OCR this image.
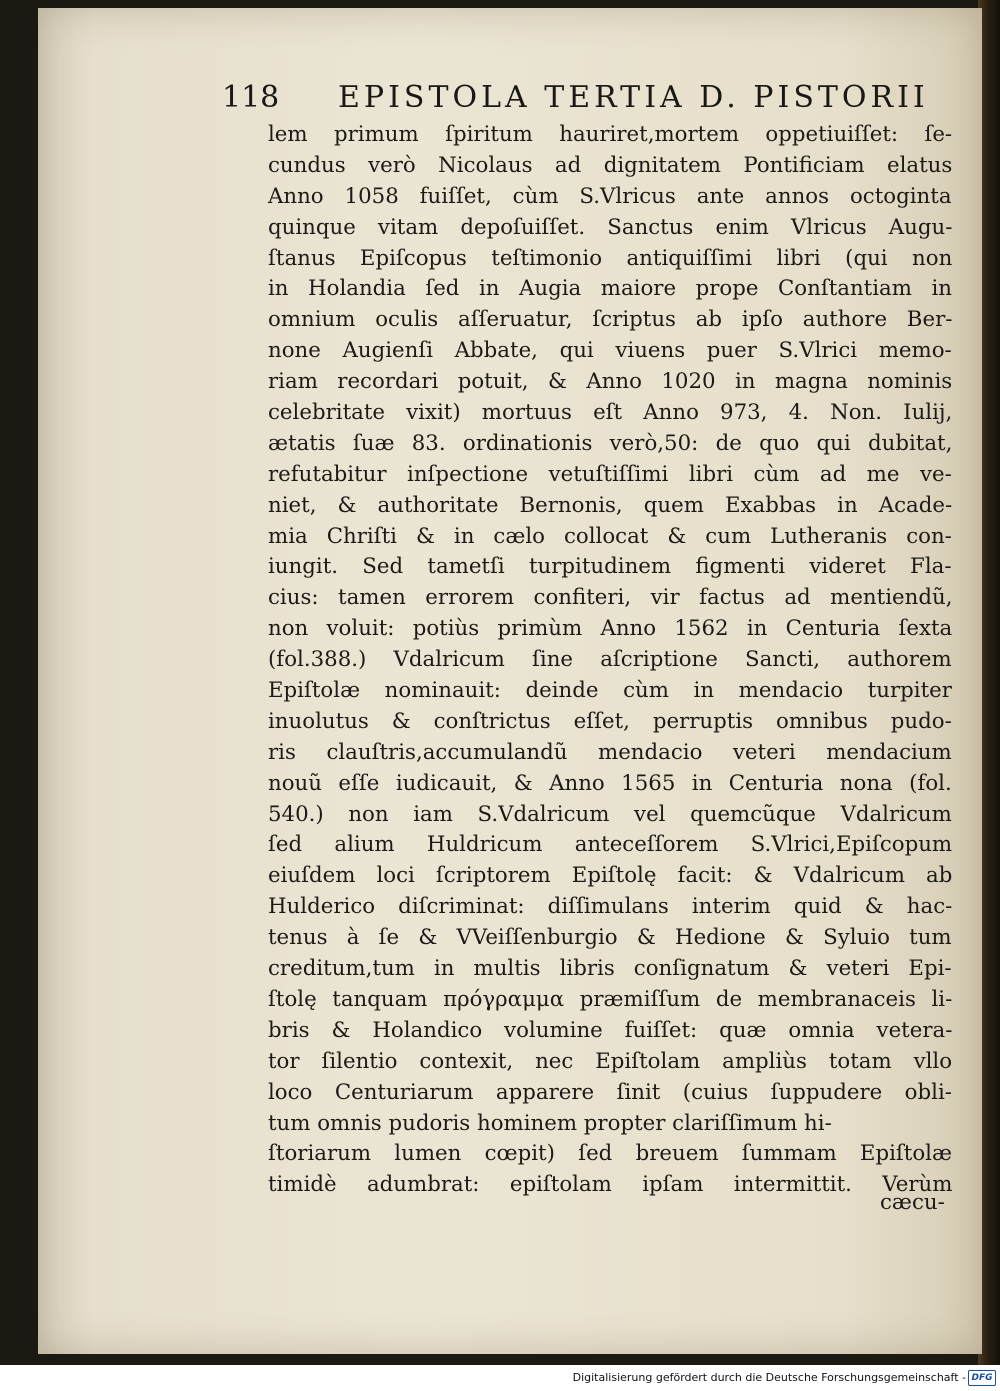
118 EPISTOLA TERTIA D. PISTORII
lem primum ſpiritum hauriret,mortem oppetiuiſſet: ſe-
cundus verò Nicolaus ad dignitatem Pontificiam elatus
Anno 1058 fuiſſet, cùm S.Vlricus ante annos octoginta
quinque vitam depoſuiſſet. Sanctus enim Vlricus Augu-
ſtanus Epiſcopus teſtimonio antiquiſſimi libri (qui non
in Holandia ſed in Augia maiore prope Conſtantiam in
omnium oculis aſſeruatur, ſcriptus ab ipſo authore Ber-
none Augienſi Abbate, qui viuens puer S.Vlrici memo-
riam recordari potuit, & Anno 1020 in magna nominis
celebritate vixit) mortuus eſt Anno 973, 4. Non. Iulij,
ætatis ſuæ 83. ordinationis verò,50: de quo qui dubitat,
refutabitur inſpectione vetuſtiſſimi libri cùm ad me ve-
niet, & authoritate Bernonis, quem Exabbas in Acade-
mia Chriſti & in cælo collocat & cum Lutheranis con-
iungit. Sed tametſi turpitudinem figmenti videret Fla-
cius: tamen errorem confiteri, vir factus ad mentiendũ,
non voluit: potiùs primùm Anno 1562 in Centuria ſexta
(fol.388.) Vdalricum ſine aſcriptione Sancti, authorem
Epiſtolæ nominauit: deinde cùm in mendacio turpiter
inuolutus & conſtrictus eſſet, perruptis omnibus pudo-
ris clauſtris,accumulandũ mendacio veteri mendacium
nouũ eſſe iudicauit, & Anno 1565 in Centuria nona (fol.
540.) non iam S.Vdalricum vel quemcũque Vdalricum
ſed alium Huldricum anteceſſorem S.Vlrici,Epiſcopum
eiuſdem loci ſcriptorem Epiſtolę facit: & Vdalricum ab
Hulderico diſcriminat: diſſimulans interim quid & hac-
tenus à ſe & VVeiſſenburgio & Hedione & Syluio tum
creditum,tum in multis libris conſignatum & veteri Epi-
ſtolę tanquam πρόγραμμα præmiſſum de membranaceis li-
bris & Holandico volumine fuiſſet: quæ omnia vetera-
tor ſilentio contexit, nec Epiſtolam ampliùs totam vllo
loco Centuriarum apparere ſinit (cuius ſuppudere obli-
tum omnis pudoris hominem propter clariſſimum hi-
ſtoriarum lumen cœpit) ſed breuem ſummam Epiſtolæ
timidè adumbrat: epiſtolam ipſam intermittit. Verùm
cæcu-
Digitalisierung gefördert durch die Deutsche Forschungsgemeinschaft - DFG
